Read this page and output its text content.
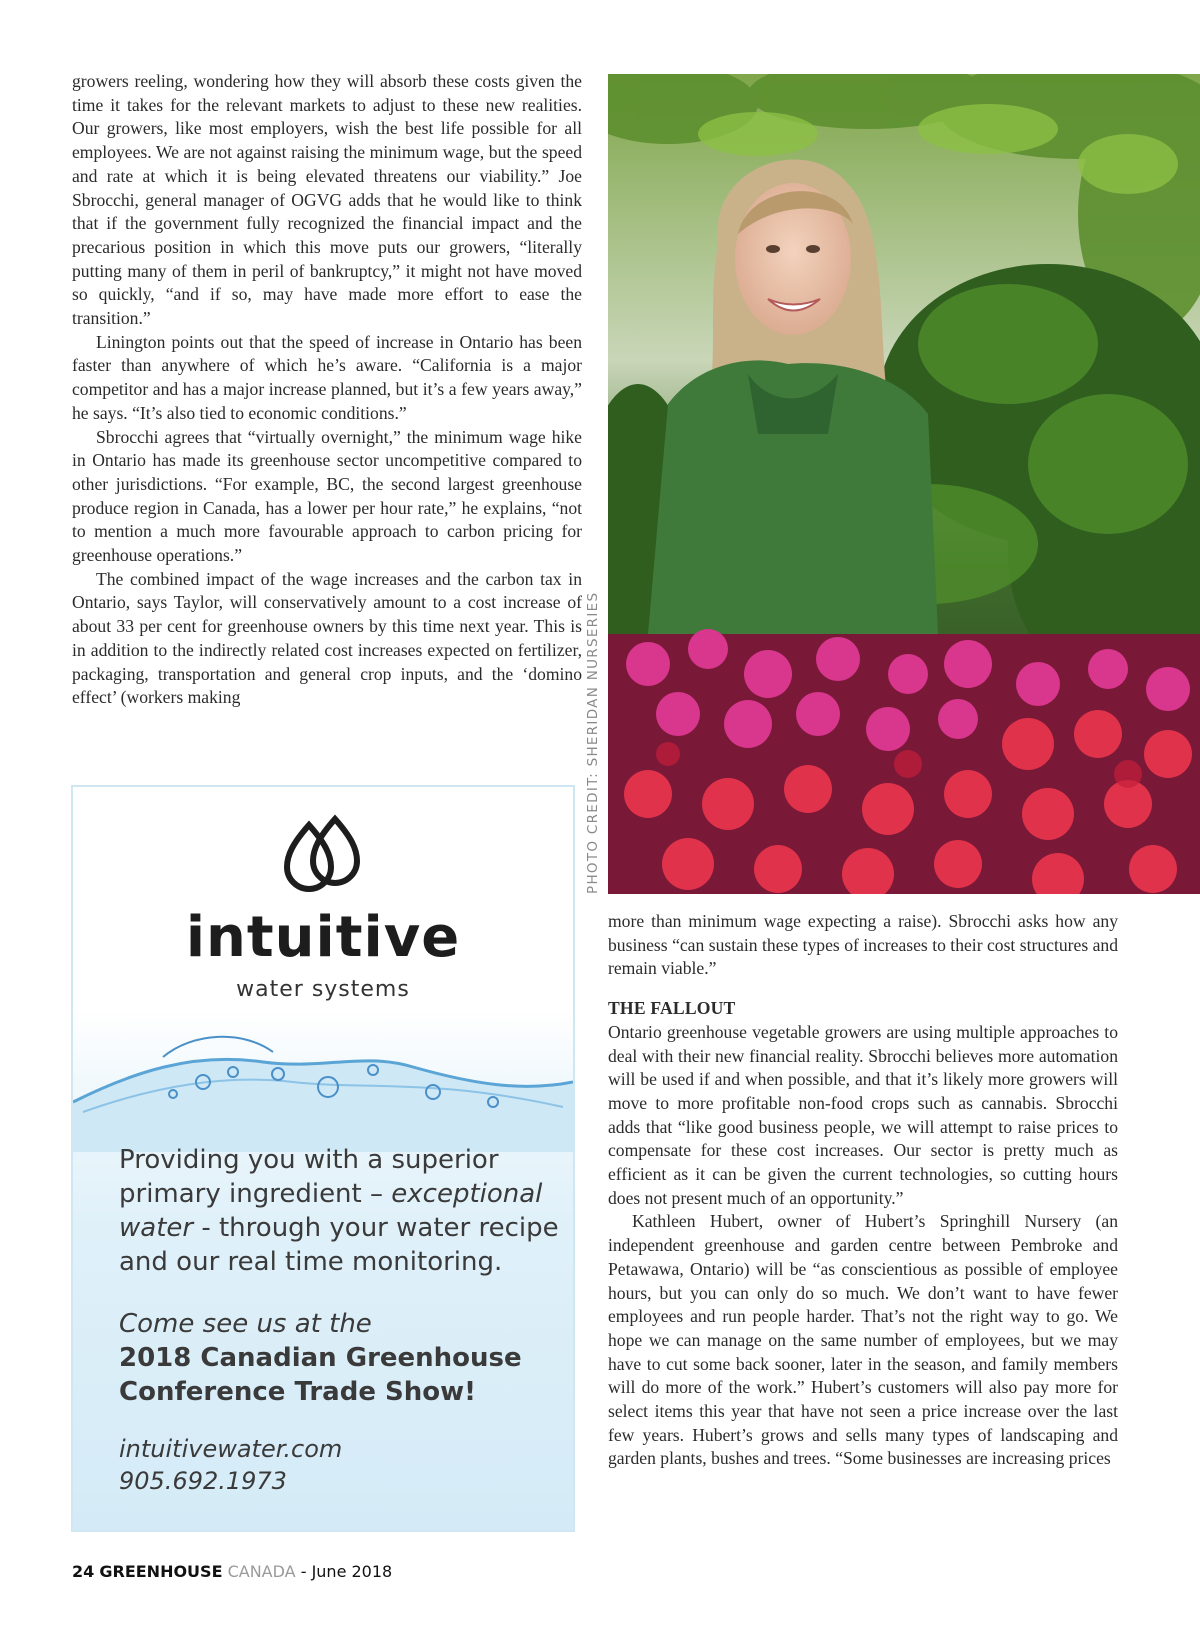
growers reeling, wondering how they will absorb these costs given the time it takes for the relevant markets to adjust to these new realities. Our growers, like most employers, wish the best life possible for all employees. We are not against raising the minimum wage, but the speed and rate at which it is being elevated threatens our viability.” Joe Sbrocchi, general manager of OGVG adds that he would like to think that if the government fully recognized the financial impact and the precarious position in which this move puts our growers, “literally putting many of them in peril of bankruptcy,” it might not have moved so quickly, “and if so, may have made more effort to ease the transition.”

Linington points out that the speed of increase in Ontario has been faster than anywhere of which he’s aware. “California is a major competitor and has a major increase planned, but it’s a few years away,” he says. “It’s also tied to economic conditions.”

Sbrocchi agrees that “virtually overnight,” the minimum wage hike in Ontario has made its greenhouse sector uncompetitive compared to other jurisdictions. “For example, BC, the second largest greenhouse produce region in Canada, has a lower per hour rate,” he explains, “not to mention a much more favourable approach to carbon pricing for greenhouse operations.”

The combined impact of the wage increases and the carbon tax in Ontario, says Taylor, will conservatively amount to a cost increase of about 33 per cent for greenhouse owners by this time next year. This is in addition to the indirectly related cost increases expected on fertilizer, packaging, transportation and general crop inputs, and the ‘domino effect’ (workers making	PHOTO CREDIT: SHERIDAN NURSERIES
intuitive
water systems
Providing you with a superior
primary ingredient – exceptional
water - through your water recipe
and our real time monitoring.
Come see us at the
2018 Canadian Greenhouse
Conference Trade Show!
intuitivewater.com
905.692.1973

more than minimum wage expecting a raise). Sbrocchi asks how any business “can sustain these types of increases to their cost structures and remain viable.”

THE FALLOUT

Ontario greenhouse vegetable growers are using multiple approaches to deal with their new financial reality. Sbrocchi believes more automation will be used if and when possible, and that it’s likely more growers will move to more profitable non-food crops such as cannabis. Sbrocchi adds that “like good business people, we will attempt to raise prices to compensate for these cost increases. Our sector is pretty much as efficient as it can be given the current technologies, so cutting hours does not present much of an opportunity.”

Kathleen Hubert, owner of Hubert’s Springhill Nursery (an independent greenhouse and garden centre between Pembroke and Petawawa, Ontario) will be “as conscientious as possible of employee hours, but you can only do so much. We don’t want to have fewer employees and run people harder. That’s not the right way to go. We hope we can manage on the same number of employees, but we may have to cut some back sooner, later in the season, and family members will do more of the work.” Hubert’s customers will also pay more for select items this year that have not seen a price increase over the last few years. Hubert’s grows and sells many types of landscaping and garden plants, bushes and trees. “Some businesses are increasing prices

24 GREENHOUSE CANADA - June 2018
